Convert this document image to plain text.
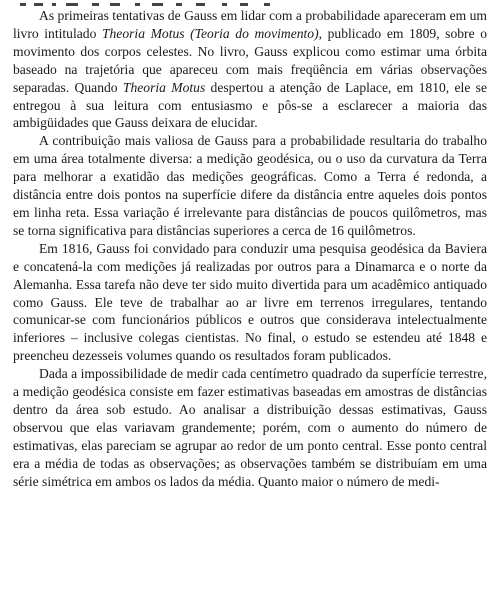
As primeiras tentativas de Gauss em lidar com a probabilidade apareceram em um livro intitulado Theoria Motus (Teoria do movimento), publicado em 1809, sobre o movimento dos corpos celestes. No livro, Gauss explicou como estimar uma órbita baseado na trajetória que apareceu com mais freqüência em várias observações separadas. Quando Theoria Motus despertou a atenção de Laplace, em 1810, ele se entregou à sua leitura com entusiasmo e pôs-se a esclarecer a maioria das ambigüidades que Gauss deixara de elucidar.

A contribuição mais valiosa de Gauss para a probabilidade resultaria do trabalho em uma área totalmente diversa: a medição geodésica, ou o uso da curvatura da Terra para melhorar a exatidão das medições geográficas. Como a Terra é redonda, a distância entre dois pontos na superfície difere da distância entre aqueles dois pontos em linha reta. Essa variação é irrelevante para distâncias de poucos quilômetros, mas se torna significativa para distâncias superiores a cerca de 16 quilômetros.

Em 1816, Gauss foi convidado para conduzir uma pesquisa geodésica da Baviera e concatená-la com medições já realizadas por outros para a Dinamarca e o norte da Alemanha. Essa tarefa não deve ter sido muito divertida para um acadêmico antiquado como Gauss. Ele teve de trabalhar ao ar livre em terrenos irregulares, tentando comunicar-se com funcionários públicos e outros que considerava intelectualmente inferiores – inclusive colegas cientistas. No final, o estudo se estendeu até 1848 e preencheu dezesseis volumes quando os resultados foram publicados.

Dada a impossibilidade de medir cada centímetro quadrado da superfície terrestre, a medição geodésica consiste em fazer estimativas baseadas em amostras de distâncias dentro da área sob estudo. Ao analisar a distribuição dessas estimativas, Gauss observou que elas variavam grandemente; porém, com o aumento do número de estimativas, elas pareciam se agrupar ao redor de um ponto central. Esse ponto central era a média de todas as observações; as observações também se distribuíam em uma série simétrica em ambos os lados da média. Quanto maior o número de medi-
